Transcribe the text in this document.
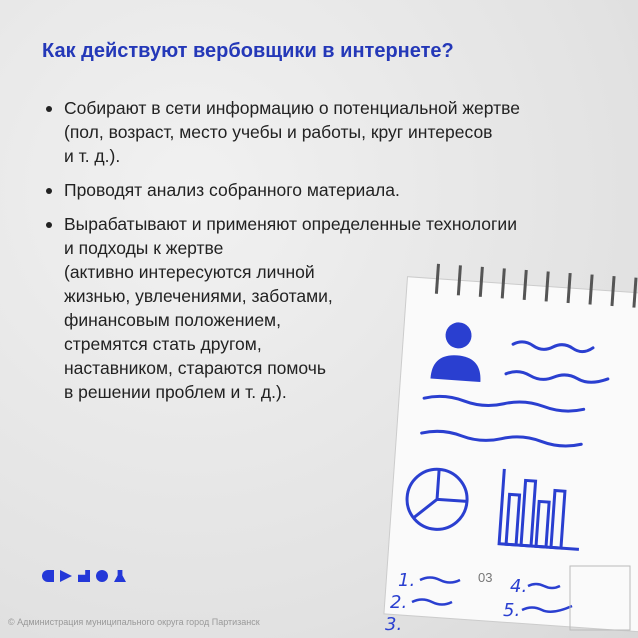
1.
2.
3.
4.
5.
Как действуют вербовщики в интернете?
Собирают в сети информацию о потенциальной жертве
(пол, возраст, место учебы и работы, круг интересов
и т. д.).
Проводят анализ собранного материала.
Вырабатывают и применяют определенные технологии
и подходы к жертве
(активно интересуются личной
жизнью, увлечениями, заботами,
финансовым положением,
стремятся стать другом,
наставником, стараются помочь
в решении проблем и т. д.).
03
© Администрация муниципального округа город Партизанск
